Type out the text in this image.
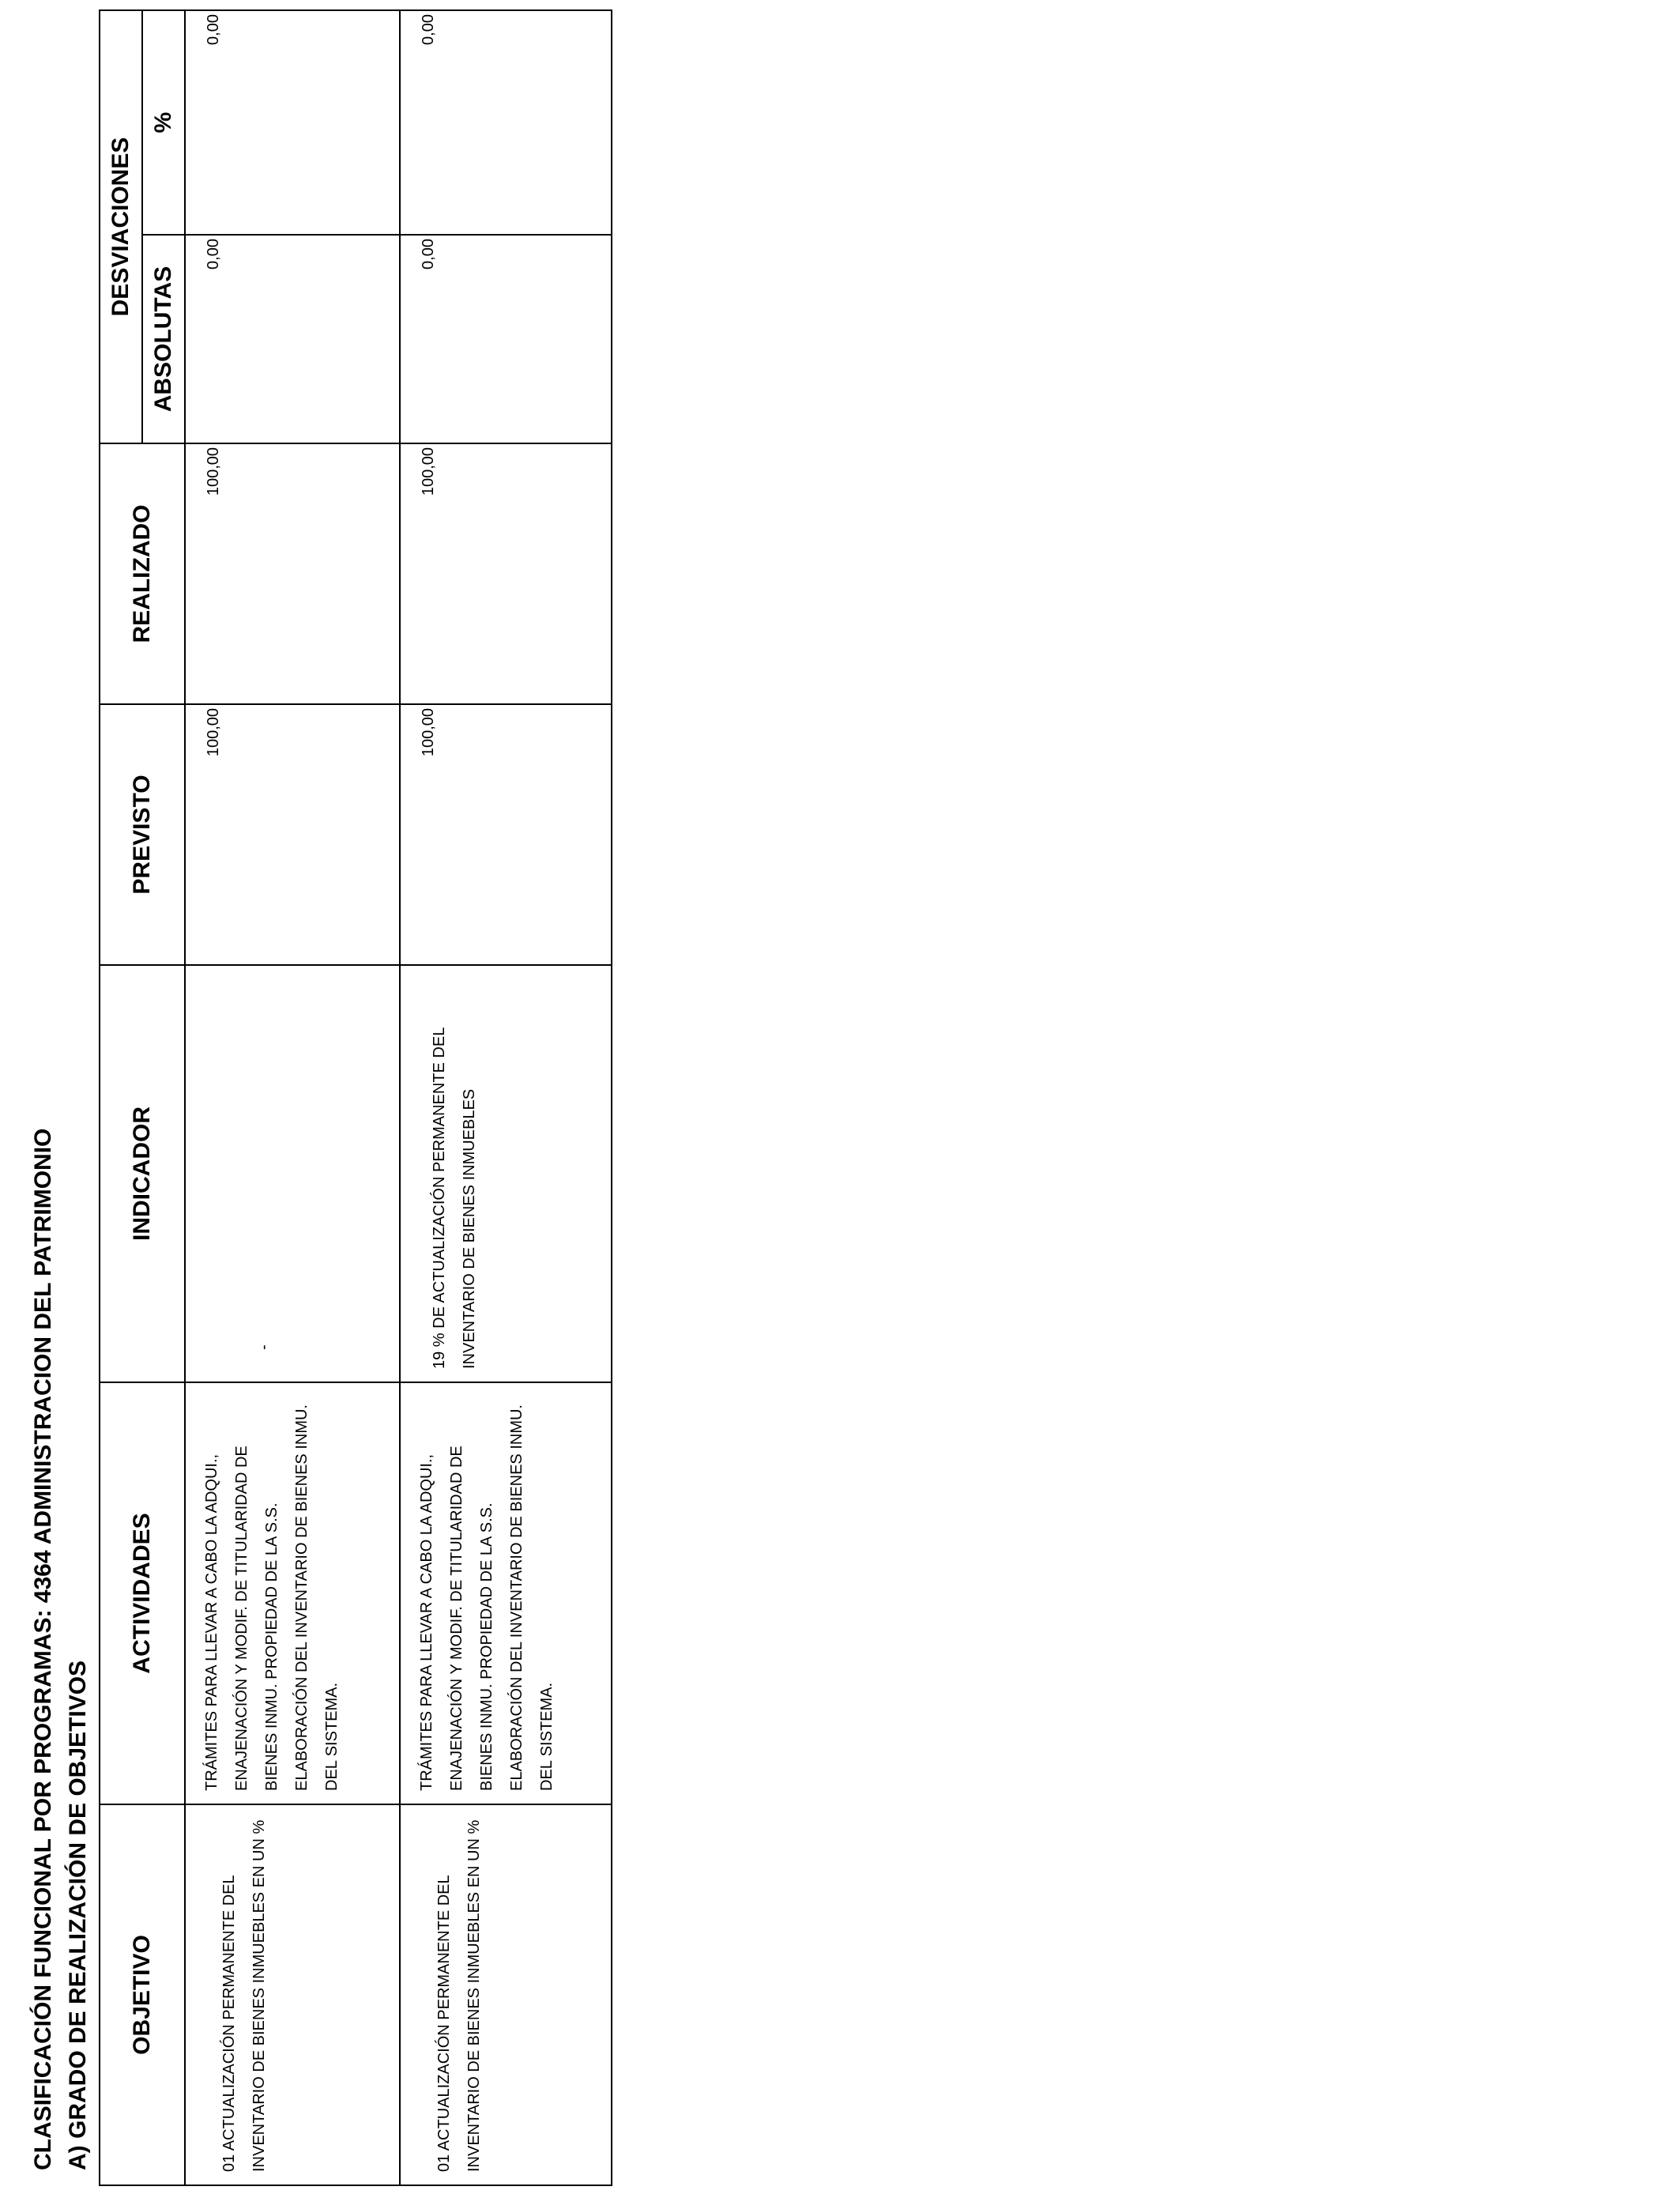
CLASIFICACIÓN FUNCIONAL POR PROGRAMAS: 4364 ADMINISTRACION DEL PATRIMONIO A) GRADO DE REALIZACIÓN DE OBJETIVOS OBJETIVO	ACTIVIDADES	INDICADOR	PREVISTO	REALIZADO	DESVIACIONES	
					ABSOLUTAS	%

01 ACTUALIZACIÓN PERMANENTE DEL INVENTARIO DE BIENES INMUEBLES EN UN %	TRÁMITES PARA LLEVAR A CABO LA ADQUI., ENAJENACIÓN Y MODIF. DE TITULARIDAD DE BIENES INMU. PROPIEDAD DE LA S.S. ELABORACIÓN DEL INVENTARIO DE BIENES INMU. DEL SISTEMA.	-	100,00	100,00	0,00	0,00

01 ACTUALIZACIÓN PERMANENTE DEL INVENTARIO DE BIENES INMUEBLES EN UN %	TRÁMITES PARA LLEVAR A CABO LA ADQUI., ENAJENACIÓN Y MODIF. DE TITULARIDAD DE BIENES INMU. PROPIEDAD DE LA S.S. ELABORACIÓN DEL INVENTARIO DE BIENES INMU. DEL SISTEMA.	19 % DE ACTUALIZACIÓN PERMANENTE DEL INVENTARIO DE BIENES INMUEBLES	100,00	100,00	0,00	0,00
